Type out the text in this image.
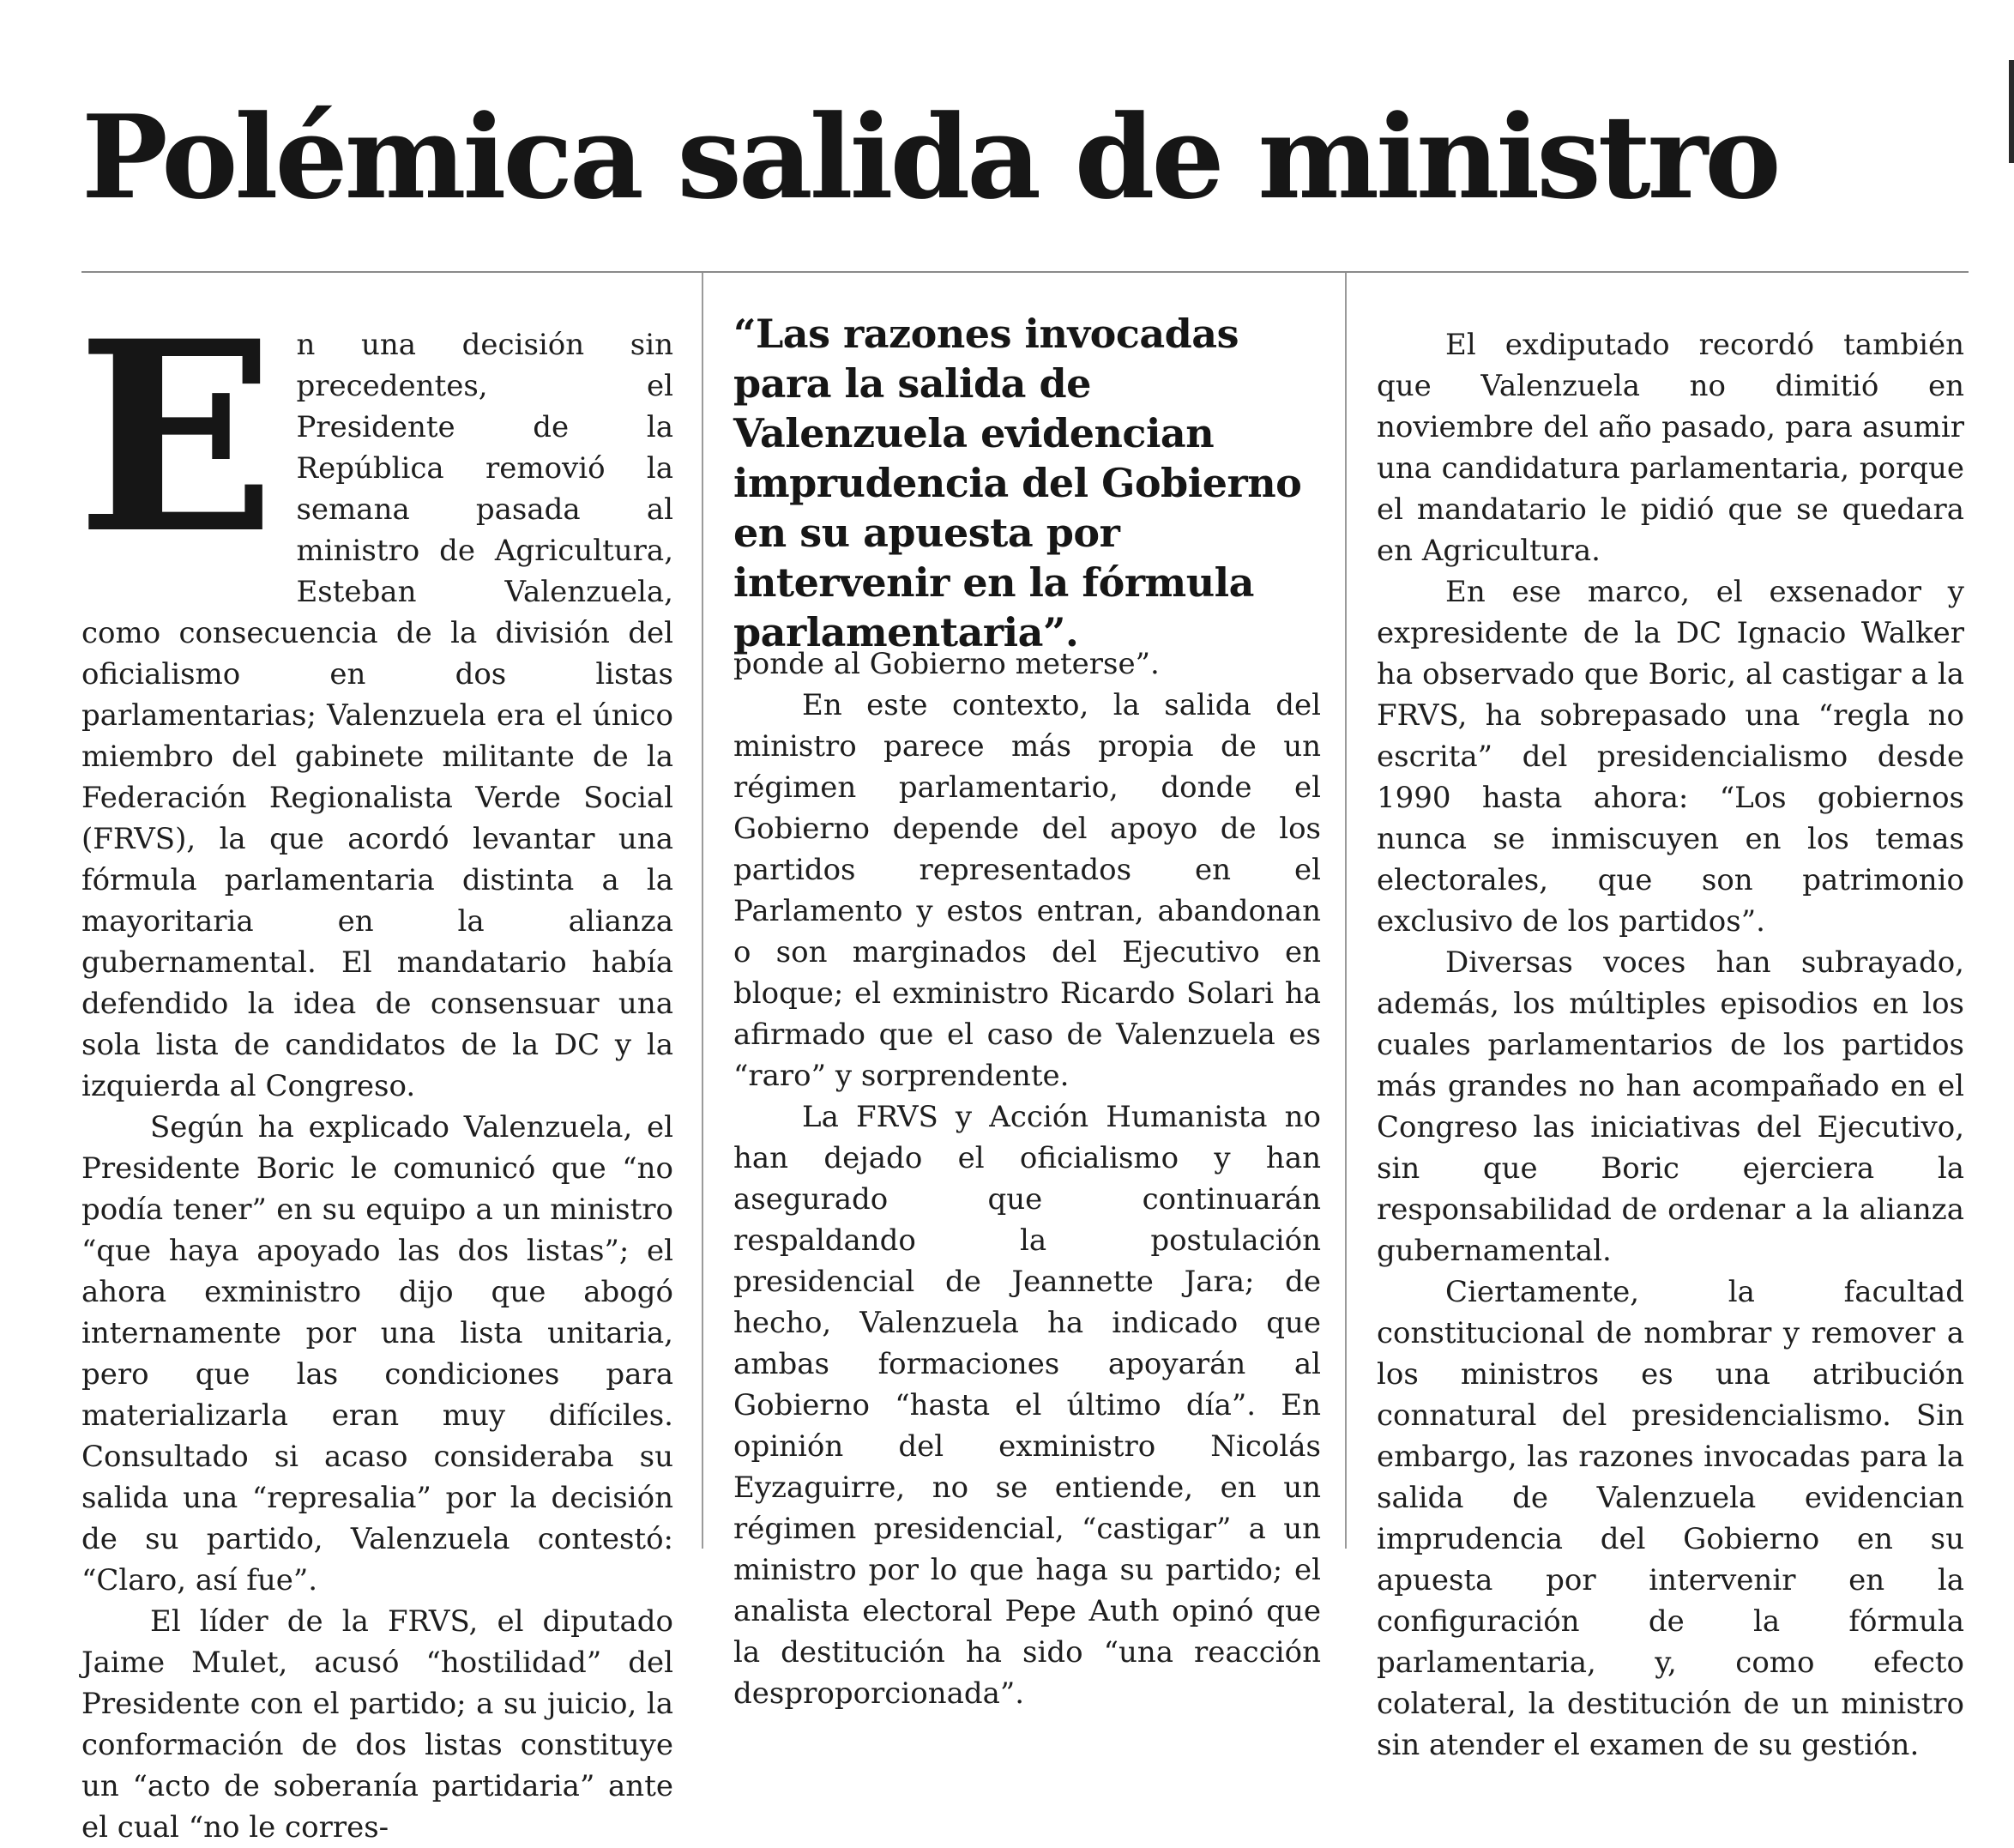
Polémica salida de ministro
E n una decisión sin precedentes, el Presidente de la República removió la semana pasada al ministro de Agricultura, Esteban Valenzuela, como consecuencia de la división del oficialismo en dos listas parlamentarias; Valenzuela era el único miembro del gabinete militante de la Federación Regionalista Verde Social (FRVS), la que acordó levantar una fórmula parlamentaria distinta a la mayoritaria en la alianza gubernamental. El mandatario había defendido la idea de consensuar una sola lista de candidatos de la DC y la izquierda al Congreso.

Según ha explicado Valenzuela, el Presidente Boric le comunicó que “no podía tener” en su equipo a un ministro “que haya apoyado las dos listas”; el ahora exministro dijo que abogó internamente por una lista unitaria, pero que las condiciones para materializarla eran muy difíciles. Consultado si acaso consideraba su salida una “represalia” por la decisión de su partido, Valenzuela contestó: “Claro, así fue”.

El líder de la FRVS, el diputado Jaime Mulet, acusó “hostilidad” del Presidente con el partido; a su juicio, la conformación de dos listas constituye un “acto de soberanía partidaria” ante el cual “no le corres-

“Las razones invocadas para la salida de Valenzuela evidencian imprudencia del Gobierno en su apuesta por intervenir en la fórmula parlamentaria”.

ponde al Gobierno meterse”.

En este contexto, la salida del ministro parece más propia de un régimen parlamentario, donde el Gobierno depende del apoyo de los partidos representados en el Parlamento y estos entran, abandonan o son marginados del Ejecutivo en bloque; el exministro Ricardo Solari ha afirmado que el caso de Valenzuela es “raro” y sorprendente.

La FRVS y Acción Humanista no han dejado el oficialismo y han asegurado que continuarán respaldando la postulación presidencial de Jeannette Jara; de hecho, Valenzuela ha indicado que ambas formaciones apoyarán al Gobierno “hasta el último día”. En opinión del exministro Nicolás Eyzaguirre, no se entiende, en un régimen presidencial, “castigar” a un ministro por lo que haga su partido; el analista electoral Pepe Auth opinó que la destitución ha sido “una reacción desproporcionada”.

El exdiputado recordó también que Valenzuela no dimitió en noviembre del año pasado, para asumir una candidatura parlamentaria, porque el mandatario le pidió que se quedara en Agricultura.

En ese marco, el exsenador y expresidente de la DC Ignacio Walker ha observado que Boric, al castigar a la FRVS, ha sobrepasado una “regla no escrita” del presidencialismo desde 1990 hasta ahora: “Los gobiernos nunca se inmiscuyen en los temas electorales, que son patrimonio exclusivo de los partidos”.

Diversas voces han subrayado, además, los múltiples episodios en los cuales parlamentarios de los partidos más grandes no han acompañado en el Congreso las iniciativas del Ejecutivo, sin que Boric ejerciera la responsabilidad de ordenar a la alianza gubernamental.

Ciertamente, la facultad constitucional de nombrar y remover a los ministros es una atribución connatural del presidencialismo. Sin embargo, las razones invocadas para la salida de Valenzuela evidencian imprudencia del Gobierno en su apuesta por intervenir en la configuración de la fórmula parlamentaria, y, como efecto colateral, la destitución de un ministro sin atender el examen de su gestión.
